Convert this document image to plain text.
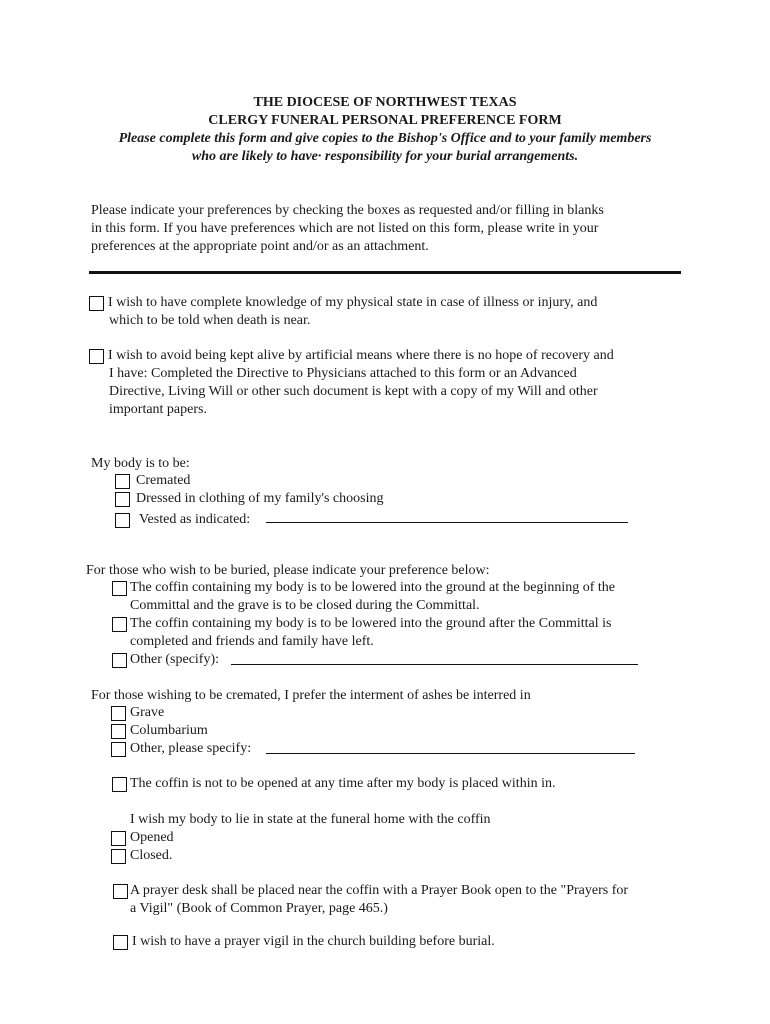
THE DIOCESE OF NORTHWEST TEXAS
CLERGY FUNERAL PERSONAL PREFERENCE FORM
Please complete this form and give copies to the Bishop's Office and to your family members
who are likely to have· responsibility for your burial arrangements.
Please indicate your preferences by checking the boxes as requested and/or filling in blanks
in this form. If you have preferences which are not listed on this form, please write in your
preferences at the appropriate point and/or as an attachment.
I wish to have complete knowledge of my physical state in case of illness or injury, and
which to be told when death is near.
I wish to avoid being kept alive by artificial means where there is no hope of recovery and
I have: Completed the Directive to Physicians attached to this form or an Advanced
Directive, Living Will or other such document is kept with a copy of my Will and other
important papers.
My body is to be:
Cremated
Dressed in clothing of my family's choosing
Vested as indicated:
For those who wish to be buried, please indicate your preference below:
The coffin containing my body is to be lowered into the ground at the beginning of the
Committal and the grave is to be closed during the Committal.
The coffin containing my body is to be lowered into the ground after the Committal is
completed and friends and family have left.
Other (specify):
For those wishing to be cremated, I prefer the interment of ashes be interred in
Grave
Columbarium
Other, please specify:
The coffin is not to be opened at any time after my body is placed within in.
I wish my body to lie in state at the funeral home with the coffin
Opened
Closed.
A prayer desk shall be placed near the coffin with a Prayer Book open to the "Prayers for
a Vigil" (Book of Common Prayer, page 465.)
I wish to have a prayer vigil in the church building before burial.
